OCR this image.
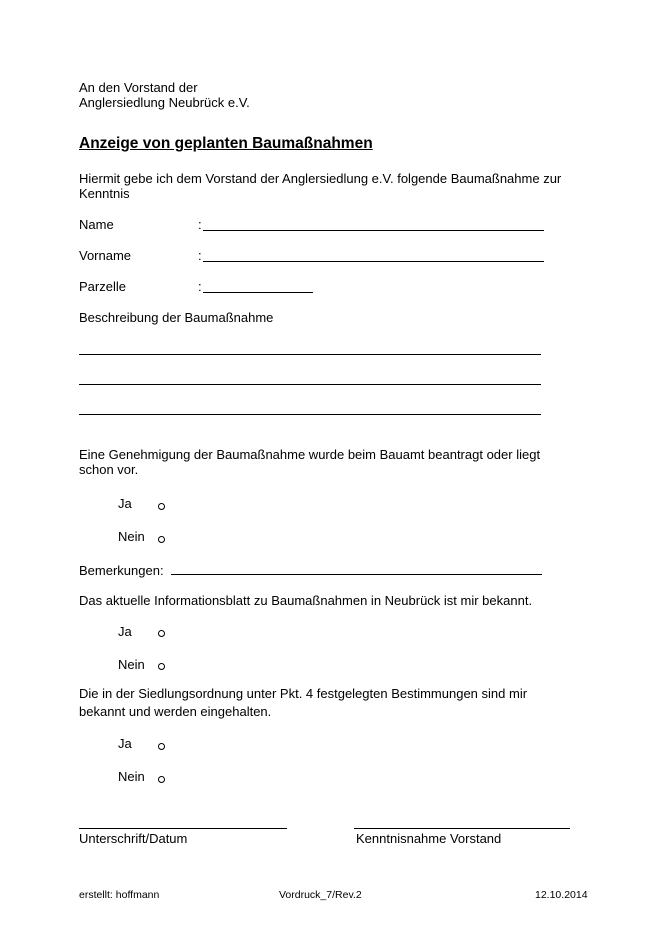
An den Vorstand der
Anglersiedlung Neubrück e.V.
Anzeige von geplanten Baumaßnahmen
Hiermit gebe ich dem Vorstand der Anglersiedlung e.V. folgende Baumaßnahme zur
Kenntnis
Name	:
Vorname	:
Parzelle	:
Beschreibung der Baumaßnahme
Eine Genehmigung der Baumaßnahme wurde beim Bauamt beantragt oder liegt
schon vor.
Ja
Nein
Bemerkungen:
Das aktuelle Informationsblatt zu Baumaßnahmen in Neubrück ist mir bekannt.
Ja
Nein
Die in der Siedlungsordnung unter Pkt. 4 festgelegten Bestimmungen sind mir
bekannt und werden eingehalten.
Ja
Nein
Unterschrift/Datum	Kenntnisnahme Vorstand
erstellt: hoffmann	Vordruck_7/Rev.2	12.10.2014
